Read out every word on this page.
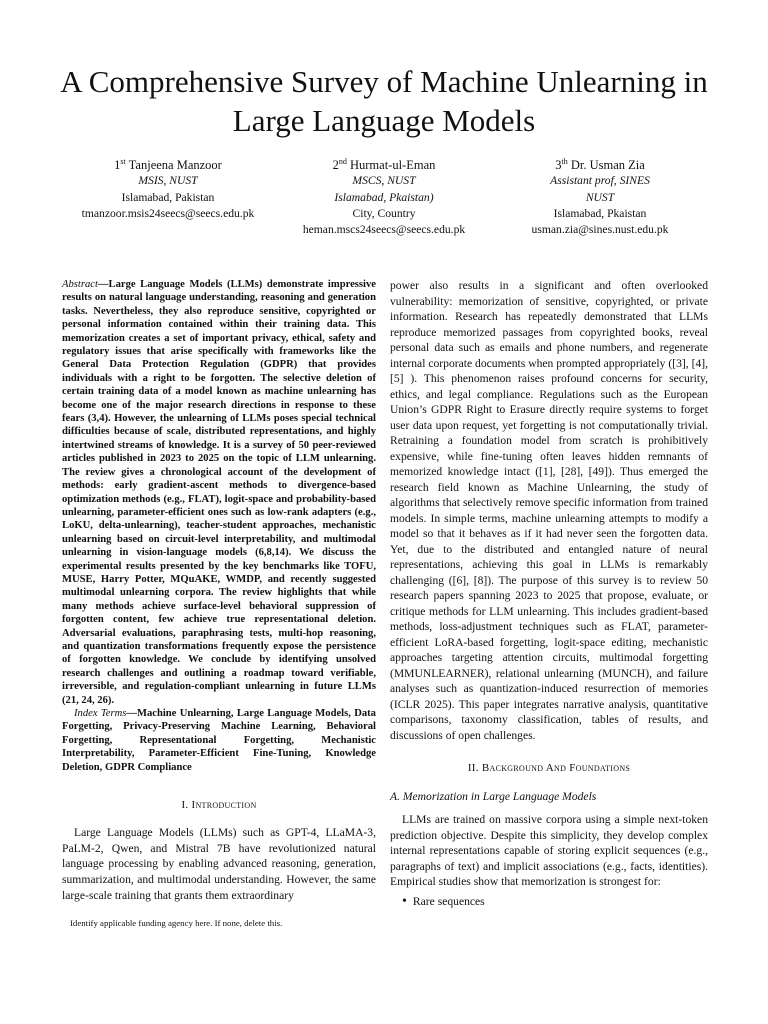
A Comprehensive Survey of Machine Unlearning in Large Language Models
1st Tanjeena Manzoor
MSIS, NUST
Islamabad, Pakistan
tmanzoor.msis24seecs@seecs.edu.pk
2nd Hurmat-ul-Eman
MSCS, NUST
Islamabad, Pkaistan)
City, Country
heman.mscs24seecs@seecs.edu.pk
3th Dr. Usman Zia
Assistant prof, SINES
NUST
Islamabad, Pkaistan
usman.zia@sines.nust.edu.pk

Abstract—Large Language Models (LLMs) demonstrate impressive results on natural language understanding, reasoning and generation tasks. Nevertheless, they also reproduce sensitive, copyrighted or personal information contained within their training data. This memorization creates a set of important privacy, ethical, safety and regulatory issues that arise specifically with frameworks like the General Data Protection Regulation (GDPR) that provides individuals with a right to be forgotten. The selective deletion of certain training data of a model known as machine unlearning has become one of the major research directions in response to these fears (3,4). However, the unlearning of LLMs poses special technical difficulties because of scale, distributed representations, and highly intertwined streams of knowledge. It is a survey of 50 peer-reviewed articles published in 2023 to 2025 on the topic of LLM unlearning. The review gives a chronological account of the development of methods: early gradient-ascent methods to divergence-based optimization methods (e.g., FLAT), logit-space and probability-based unlearning, parameter-efficient ones such as low-rank adapters (e.g., LoKU, delta-unlearning), teacher-student approaches, mechanistic unlearning based on circuit-level interpretability, and multimodal unlearning in vision-language models (6,8,14). We discuss the experimental results presented by the key benchmarks like TOFU, MUSE, Harry Potter, MQuAKE, WMDP, and recently suggested multimodal unlearning corpora. The review highlights that while many methods achieve surface-level behavioral suppression of forgotten content, few achieve true representational deletion. Adversarial evaluations, paraphrasing tests, multi-hop reasoning, and quantization transformations frequently expose the persistence of forgotten knowledge. We conclude by identifying unsolved research challenges and outlining a roadmap toward verifiable, irreversible, and regulation-compliant unlearning in future LLMs (21, 24, 26).

Index Terms—Machine Unlearning, Large Language Models, Data Forgetting, Privacy-Preserving Machine Learning, Behavioral Forgetting, Representational Forgetting, Mechanistic Interpretability, Parameter-Efficient Fine-Tuning, Knowledge Deletion, GDPR Compliance

I. Introduction

Large Language Models (LLMs) such as GPT-4, LLaMA-3, PaLM-2, Qwen, and Mistral 7B have revolutionized natural language processing by enabling advanced reasoning, generation, summarization, and multimodal understanding. However, the same large-scale training that grants them extraordinary

power also results in a significant and often overlooked vulnerability: memorization of sensitive, copyrighted, or private information. Research has repeatedly demonstrated that LLMs reproduce memorized passages from copyrighted books, reveal personal data such as emails and phone numbers, and regenerate internal corporate documents when prompted appropriately ([3], [4], [5] ). This phenomenon raises profound concerns for security, ethics, and legal compliance. Regulations such as the European Union’s GDPR Right to Erasure directly require systems to forget user data upon request, yet forgetting is not computationally trivial. Retraining a foundation model from scratch is prohibitively expensive, while fine-tuning often leaves hidden remnants of memorized knowledge intact ([1], [28], [49]). Thus emerged the research field known as Machine Unlearning, the study of algorithms that selectively remove specific information from trained models. In simple terms, machine unlearning attempts to modify a model so that it behaves as if it had never seen the forgotten data. Yet, due to the distributed and entangled nature of neural representations, achieving this goal in LLMs is remarkably challenging ([6], [8]). The purpose of this survey is to review 50 research papers spanning 2023 to 2025 that propose, evaluate, or critique methods for LLM unlearning. This includes gradient-based methods, loss-adjustment techniques such as FLAT, parameter-efficient LoRA-based forgetting, logit-space editing, mechanistic approaches targeting attention circuits, multimodal forgetting (MMUNLEARNER), relational unlearning (MUNCH), and failure analyses such as quantization-induced resurrection of memories (ICLR 2025). This paper integrates narrative analysis, quantitative comparisons, taxonomy classification, tables of results, and discussions of open challenges.

II. Background And Foundations
A. Memorization in Large Language Models

LLMs are trained on massive corpora using a simple next-token prediction objective. Despite this simplicity, they develop complex internal representations capable of storing explicit sequences (e.g., paragraphs of text) and implicit associations (e.g., facts, identities). Empirical studies show that memorization is strongest for:

• Rare sequences
Identify applicable funding agency here. If none, delete this.
